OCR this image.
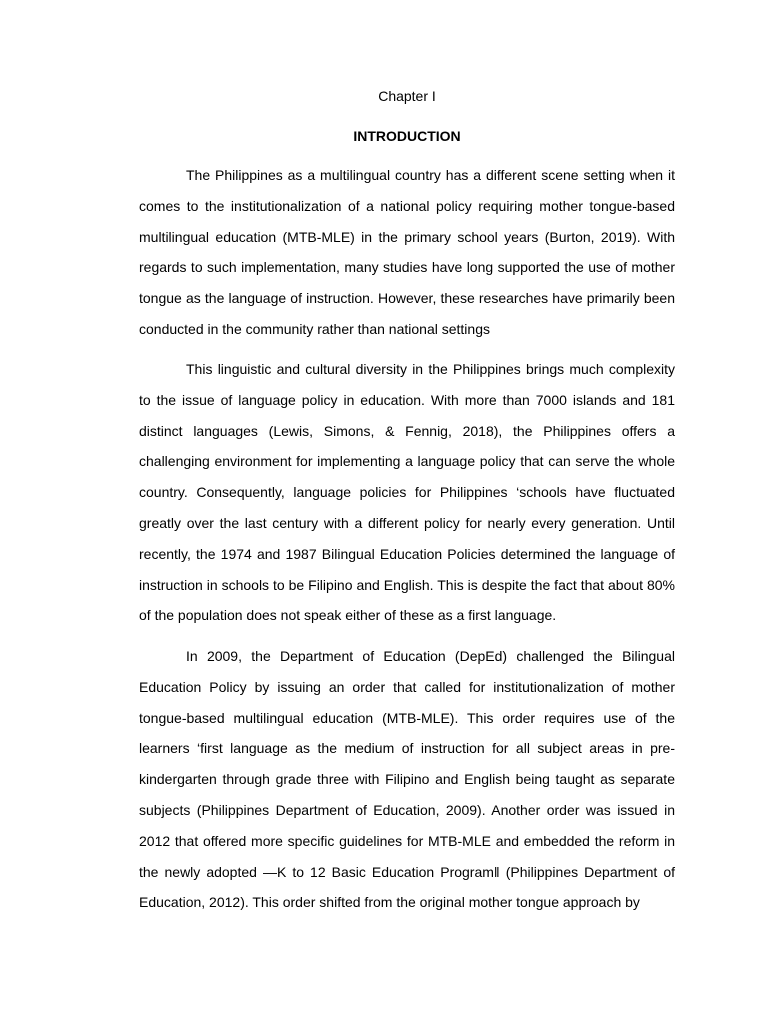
Chapter I
INTRODUCTION

The Philippines as a multilingual country has a different scene setting when it comes to the institutionalization of a national policy requiring mother tongue-based multilingual education (MTB-MLE) in the primary school years (Burton, 2019). With regards to such implementation, many studies have long supported the use of mother tongue as the language of instruction. However, these researches have primarily been conducted in the community rather than national settings

This linguistic and cultural diversity in the Philippines brings much complexity to the issue of language policy in education. With more than 7000 islands and 181 distinct languages (Lewis, Simons, & Fennig, 2018), the Philippines offers a challenging environment for implementing a language policy that can serve the whole country. Consequently, language policies for Philippines ‘schools have fluctuated greatly over the last century with a different policy for nearly every generation. Until recently, the 1974 and 1987 Bilingual Education Policies determined the language of instruction in schools to be Filipino and English. This is despite the fact that about 80% of the population does not speak either of these as a first language.

In 2009, the Department of Education (DepEd) challenged the Bilingual Education Policy by issuing an order that called for institutionalization of mother tongue-based multilingual education (MTB-MLE). This order requires use of the learners ‘first language as the medium of instruction for all subject areas in pre-kindergarten through grade three with Filipino and English being taught as separate subjects (Philippines Department of Education, 2009). Another order was issued in 2012 that offered more specific guidelines for MTB-MLE and embedded the reform in the newly adopted ―K to 12 Basic Education Program‖ (Philippines Department of Education, 2012). This order shifted from the original mother tongue approach by
